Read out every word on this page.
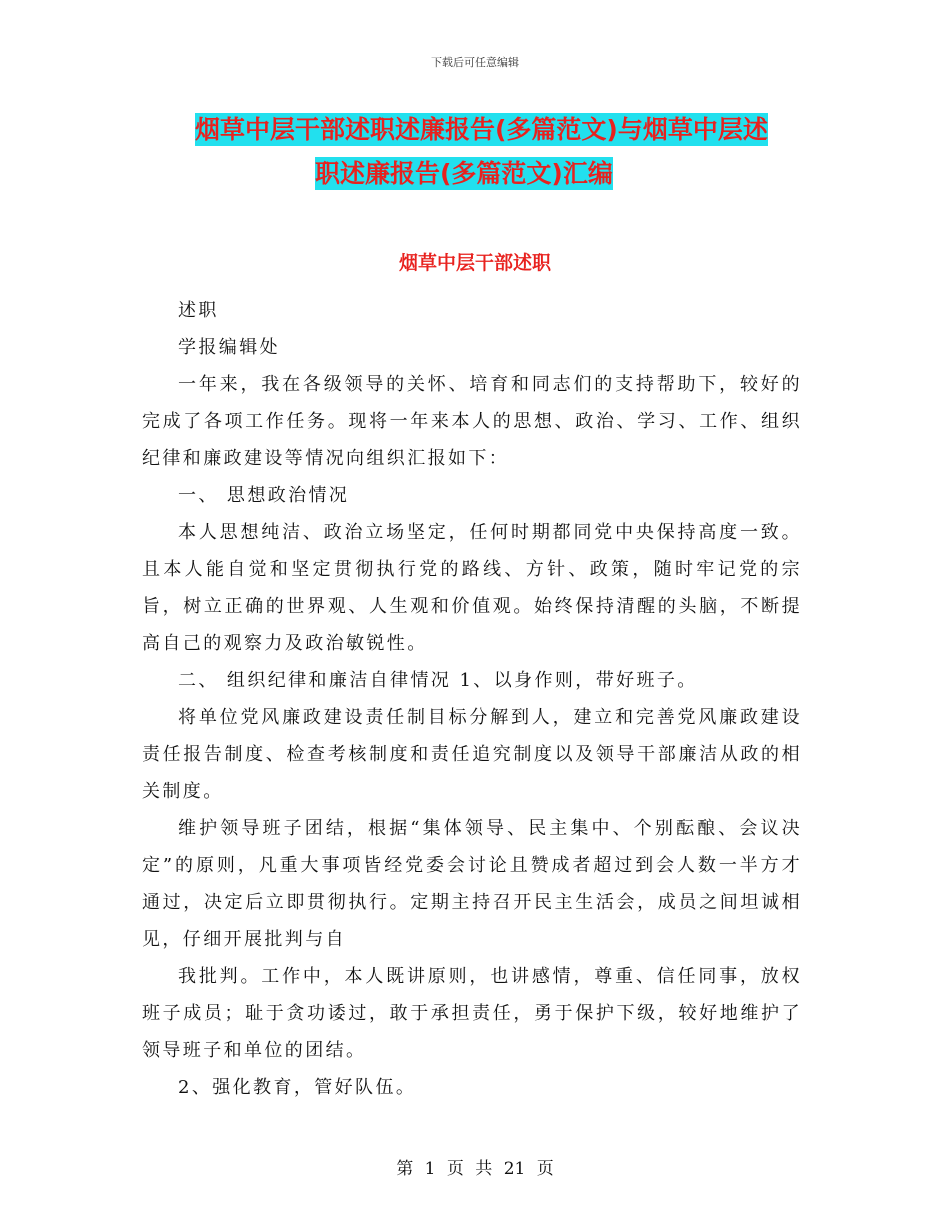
下载后可任意编辑
烟草中层干部述职述廉报告(多篇范文)与烟草中层述
职述廉报告(多篇范文)汇编
烟草中层干部述职

述职

学报编辑处

一年来，我在各级领导的关怀、培育和同志们的支持帮助下，较好的完成了各项工作任务。现将一年来本人的思想、政治、学习、工作、组织纪律和廉政建设等情况向组织汇报如下：

一、 思想政治情况

本人思想纯洁、政治立场坚定，任何时期都同党中央保持高度一致。且本人能自觉和坚定贯彻执行党的路线、方针、政策，随时牢记党的宗旨，树立正确的世界观、人生观和价值观。始终保持清醒的头脑，不断提高自己的观察力及政治敏锐性。

二、 组织纪律和廉洁自律情况 1、以身作则，带好班子。

将单位党风廉政建设责任制目标分解到人，建立和完善党风廉政建设责任报告制度、检查考核制度和责任追究制度以及领导干部廉洁从政的相关制度。

维护领导班子团结，根据“集体领导、民主集中、个别酝酿、会议决定”的原则，凡重大事项皆经党委会讨论且赞成者超过到会人数一半方才通过，决定后立即贯彻执行。定期主持召开民主生活会，成员之间坦诚相见，仔细开展批判与自

我批判。工作中，本人既讲原则，也讲感情，尊重、信任同事，放权班子成员；耻于贪功诿过，敢于承担责任，勇于保护下级，较好地维护了领导班子和单位的团结。

2、强化教育，管好队伍。

第 1 页 共 21 页
